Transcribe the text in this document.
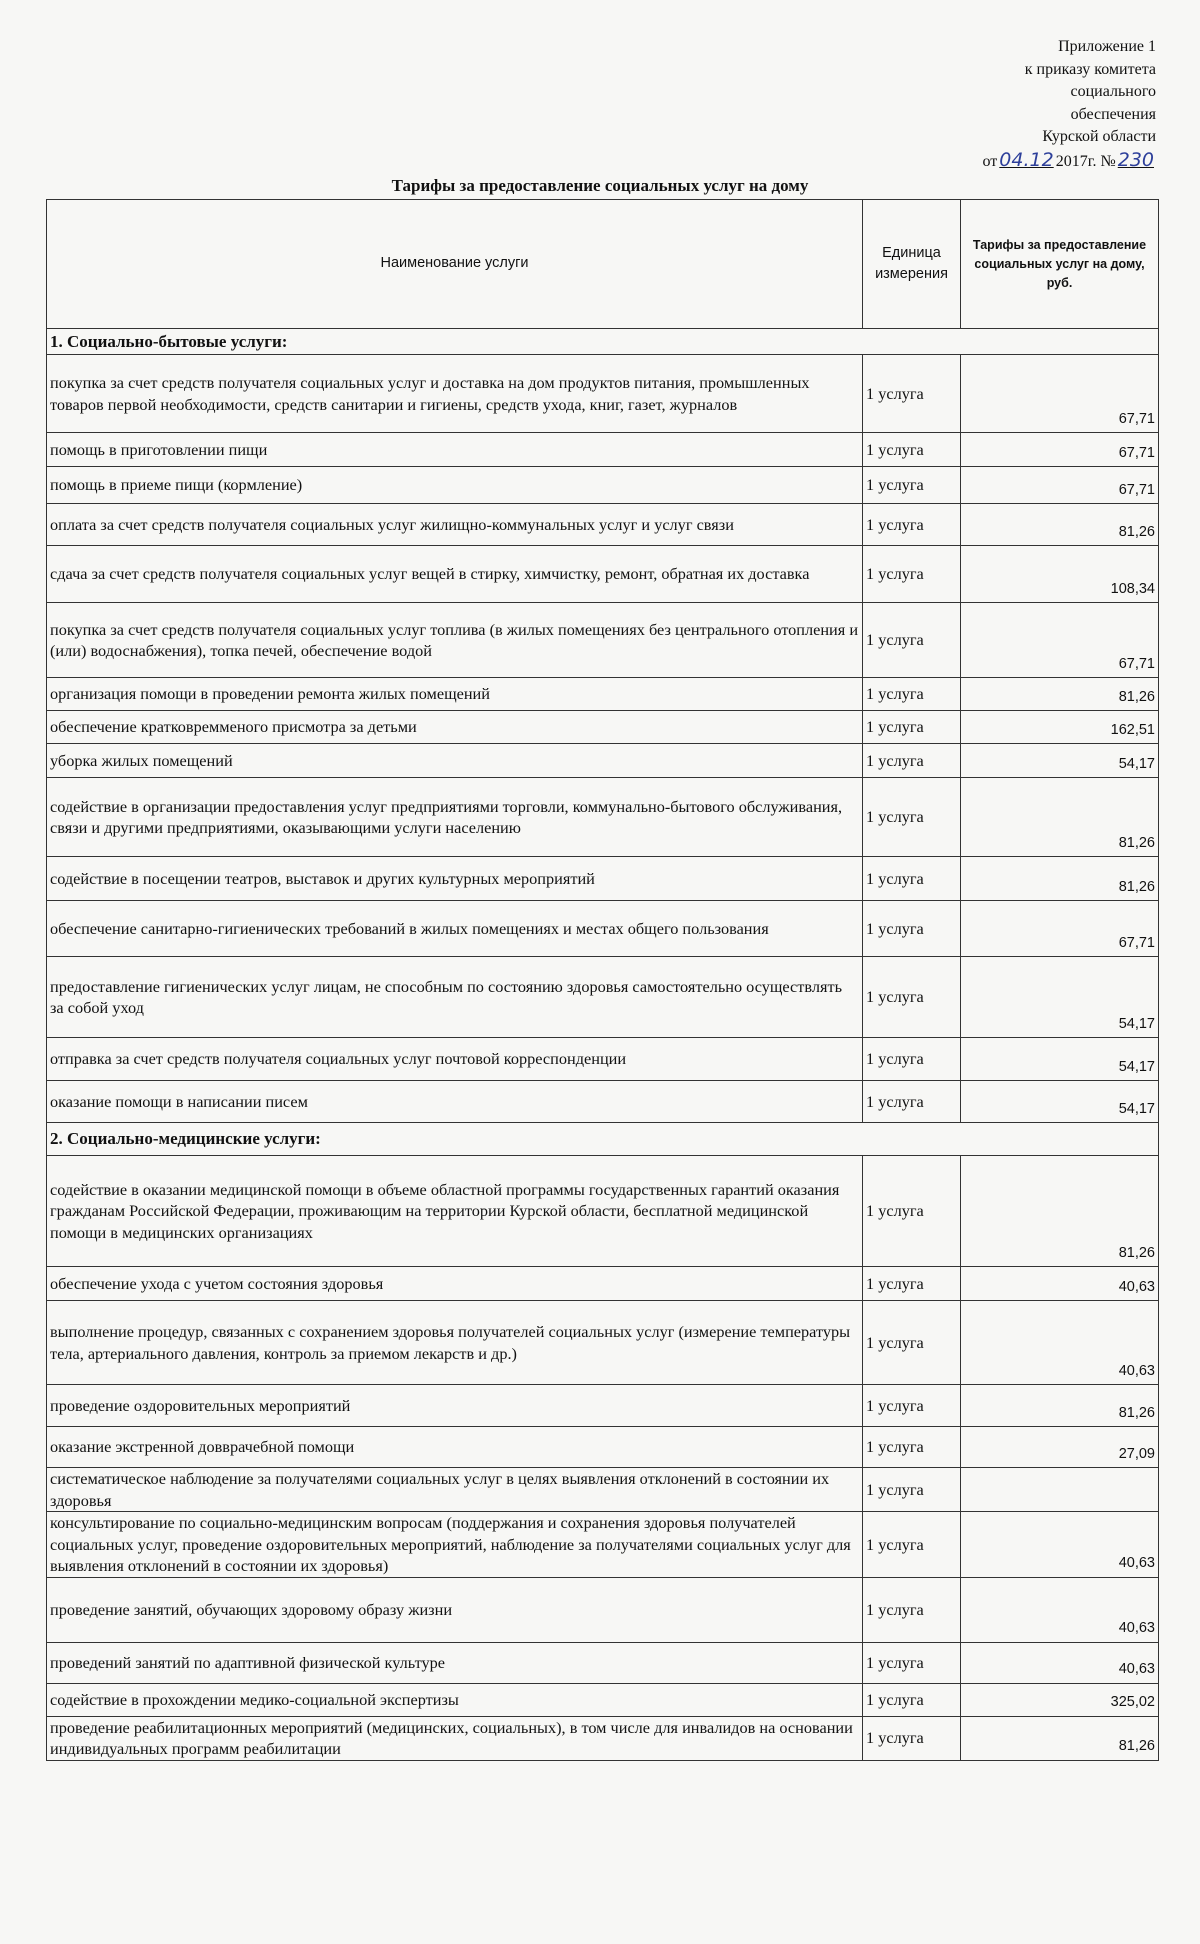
Приложение 1
к приказу комитета
социального
обеспечения
Курской области
от 04.12 2017г. № 230
Тарифы за предоставление социальных услуг на дому
Наименование услуги	Единица измерения	Тарифы за предоставление социальных услуг на дому, руб.
1. Социально-бытовые услуги:		
покупка за счет средств получателя социальных услуг и доставка на дом продуктов питания, промышленных товаров первой необходимости, средств санитарии и гигиены, средств ухода, книг, газет, журналов	1 услуга	67,71
помощь в приготовлении пищи	1 услуга	67,71
помощь в приеме пищи (кормление)	1 услуга	67,71
оплата за счет средств получателя социальных услуг жилищно-коммунальных услуг и услуг связи	1 услуга	81,26
сдача за счет средств получателя социальных услуг вещей в стирку, химчистку, ремонт, обратная их доставка	1 услуга	108,34
покупка за счет средств получателя социальных услуг топлива (в жилых помещениях без центрального отопления и (или) водоснабжения), топка печей, обеспечение водой	1 услуга	67,71
организация помощи в проведении ремонта жилых помещений	1 услуга	81,26
обеспечение кратковремменого присмотра за детьми	1 услуга	162,51
уборка жилых помещений	1 услуга	54,17
содействие в организации предоставления услуг предприятиями торговли, коммунально-бытового обслуживания, связи и другими предприятиями, оказывающими услуги населению	1 услуга	81,26
содействие в посещении театров, выставок и других культурных мероприятий	1 услуга	81,26
обеспечение санитарно-гигиенических требований в жилых помещениях и местах общего пользования	1 услуга	67,71
предоставление гигиенических услуг лицам, не способным по состоянию здоровья самостоятельно осуществлять за собой уход	1 услуга	54,17
отправка за счет средств получателя социальных услуг почтовой корреспонденции	1 услуга	54,17
оказание помощи в написании писем	1 услуга	54,17
2. Социально-медицинские услуги:		
содействие в оказании медицинской помощи в объеме областной программы государственных гарантий оказания гражданам Российской Федерации, проживающим на территории Курской области, бесплатной медицинской помощи в медицинских организациях	1 услуга	81,26
обеспечение ухода с учетом состояния здоровья	1 услуга	40,63
выполнение процедур, связанных с сохранением здоровья получателей социальных услуг (измерение температуры тела, артериального давления, контроль за приемом лекарств и др.)	1 услуга	40,63
проведение оздоровительных мероприятий	1 услуга	81,26
оказание экстренной довврачебной помощи	1 услуга	27,09
систематическое наблюдение за получателями социальных услуг в целях выявления отклонений в состоянии их здоровья	1 услуга	
консультирование по социально-медицинским вопросам (поддержания и сохранения здоровья получателей социальных услуг, проведение оздоровительных мероприятий, наблюдение за получателями социальных услуг для выявления отклонений в состоянии их здоровья)	1 услуга	40,63
проведение занятий, обучающих здоровому образу жизни	1 услуга	40,63
проведений занятий по адаптивной физической культуре	1 услуга	40,63
содействие в прохождении медико-социальной экспертизы	1 услуга	325,02
проведение реабилитационных мероприятий (медицинских, социальных), в том числе для инвалидов на основании индивидуальных программ реабилитации	1 услуга	81,26
